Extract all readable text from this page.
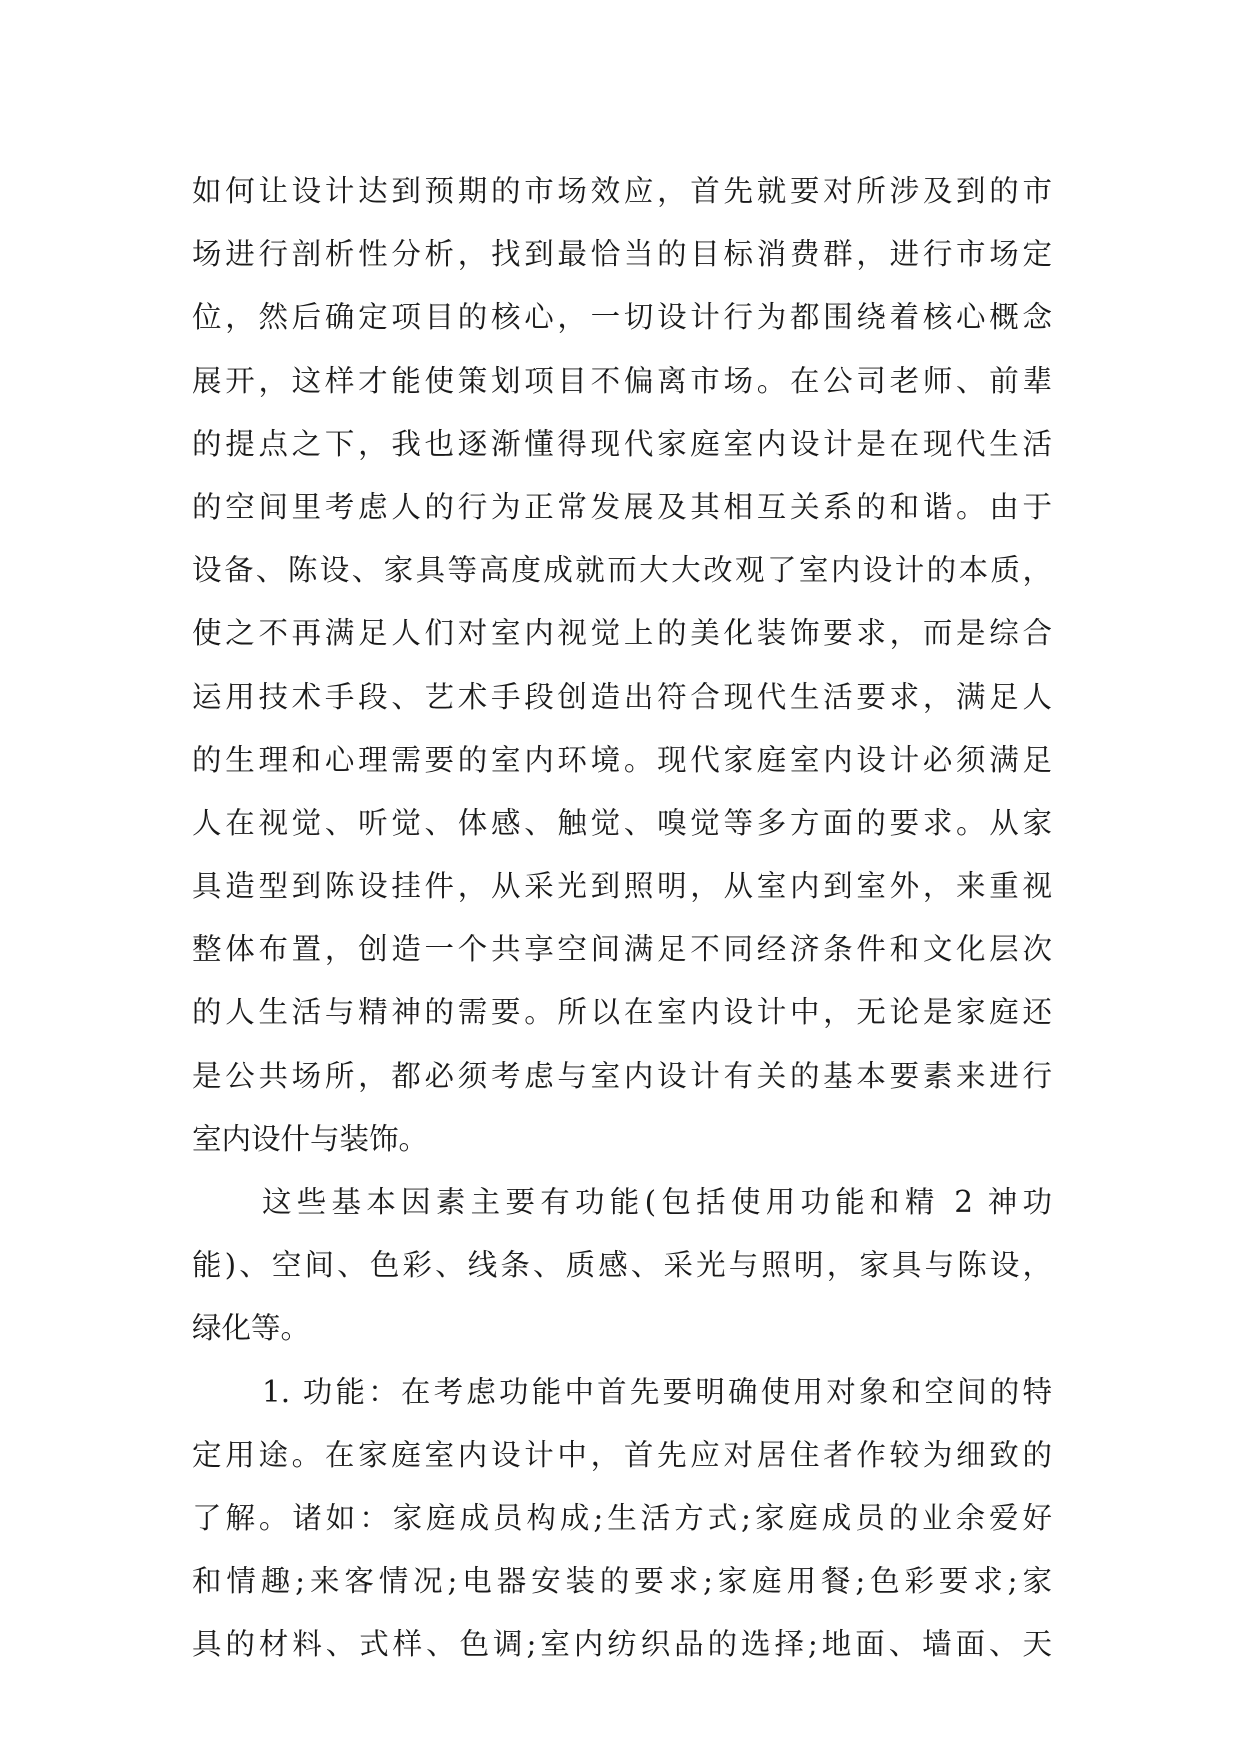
如何让设计达到预期的市场效应，首先就要对所涉及到的市
场进行剖析性分析，找到最恰当的目标消费群，进行市场定
位，然后确定项目的核心，一切设计行为都围绕着核心概念
展开，这样才能使策划项目不偏离市场。在公司老师、前辈
的提点之下，我也逐渐懂得现代家庭室内设计是在现代生活
的空间里考虑人的行为正常发展及其相互关系的和谐。由于
设备、陈设、家具等高度成就而大大改观了室内设计的本质，
使之不再满足人们对室内视觉上的美化装饰要求，而是综合
运用技术手段、艺术手段创造出符合现代生活要求，满足人
的生理和心理需要的室内环境。现代家庭室内设计必须满足
人在视觉、听觉、体感、触觉、嗅觉等多方面的要求。从家
具造型到陈设挂件，从采光到照明，从室内到室外，来重视
整体布置，创造一个共享空间满足不同经济条件和文化层次
的人生活与精神的需要。所以在室内设计中，无论是家庭还
是公共场所，都必须考虑与室内设计有关的基本要素来进行
室内设什与装饰。
这些基本因素主要有功能(包括使用功能和精 2 神功
能)、空间、色彩、线条、质感、采光与照明，家具与陈设，
绿化等。
1. 功能：在考虑功能中首先要明确使用对象和空间的特
定用途。在家庭室内设计中，首先应对居住者作较为细致的
了解。诸如：家庭成员构成;生活方式;家庭成员的业余爱好
和情趣;来客情况;电器安装的要求;家庭用餐;色彩要求;家
具的材料、式样、色调;室内纺织品的选择;地面、墙面、天
